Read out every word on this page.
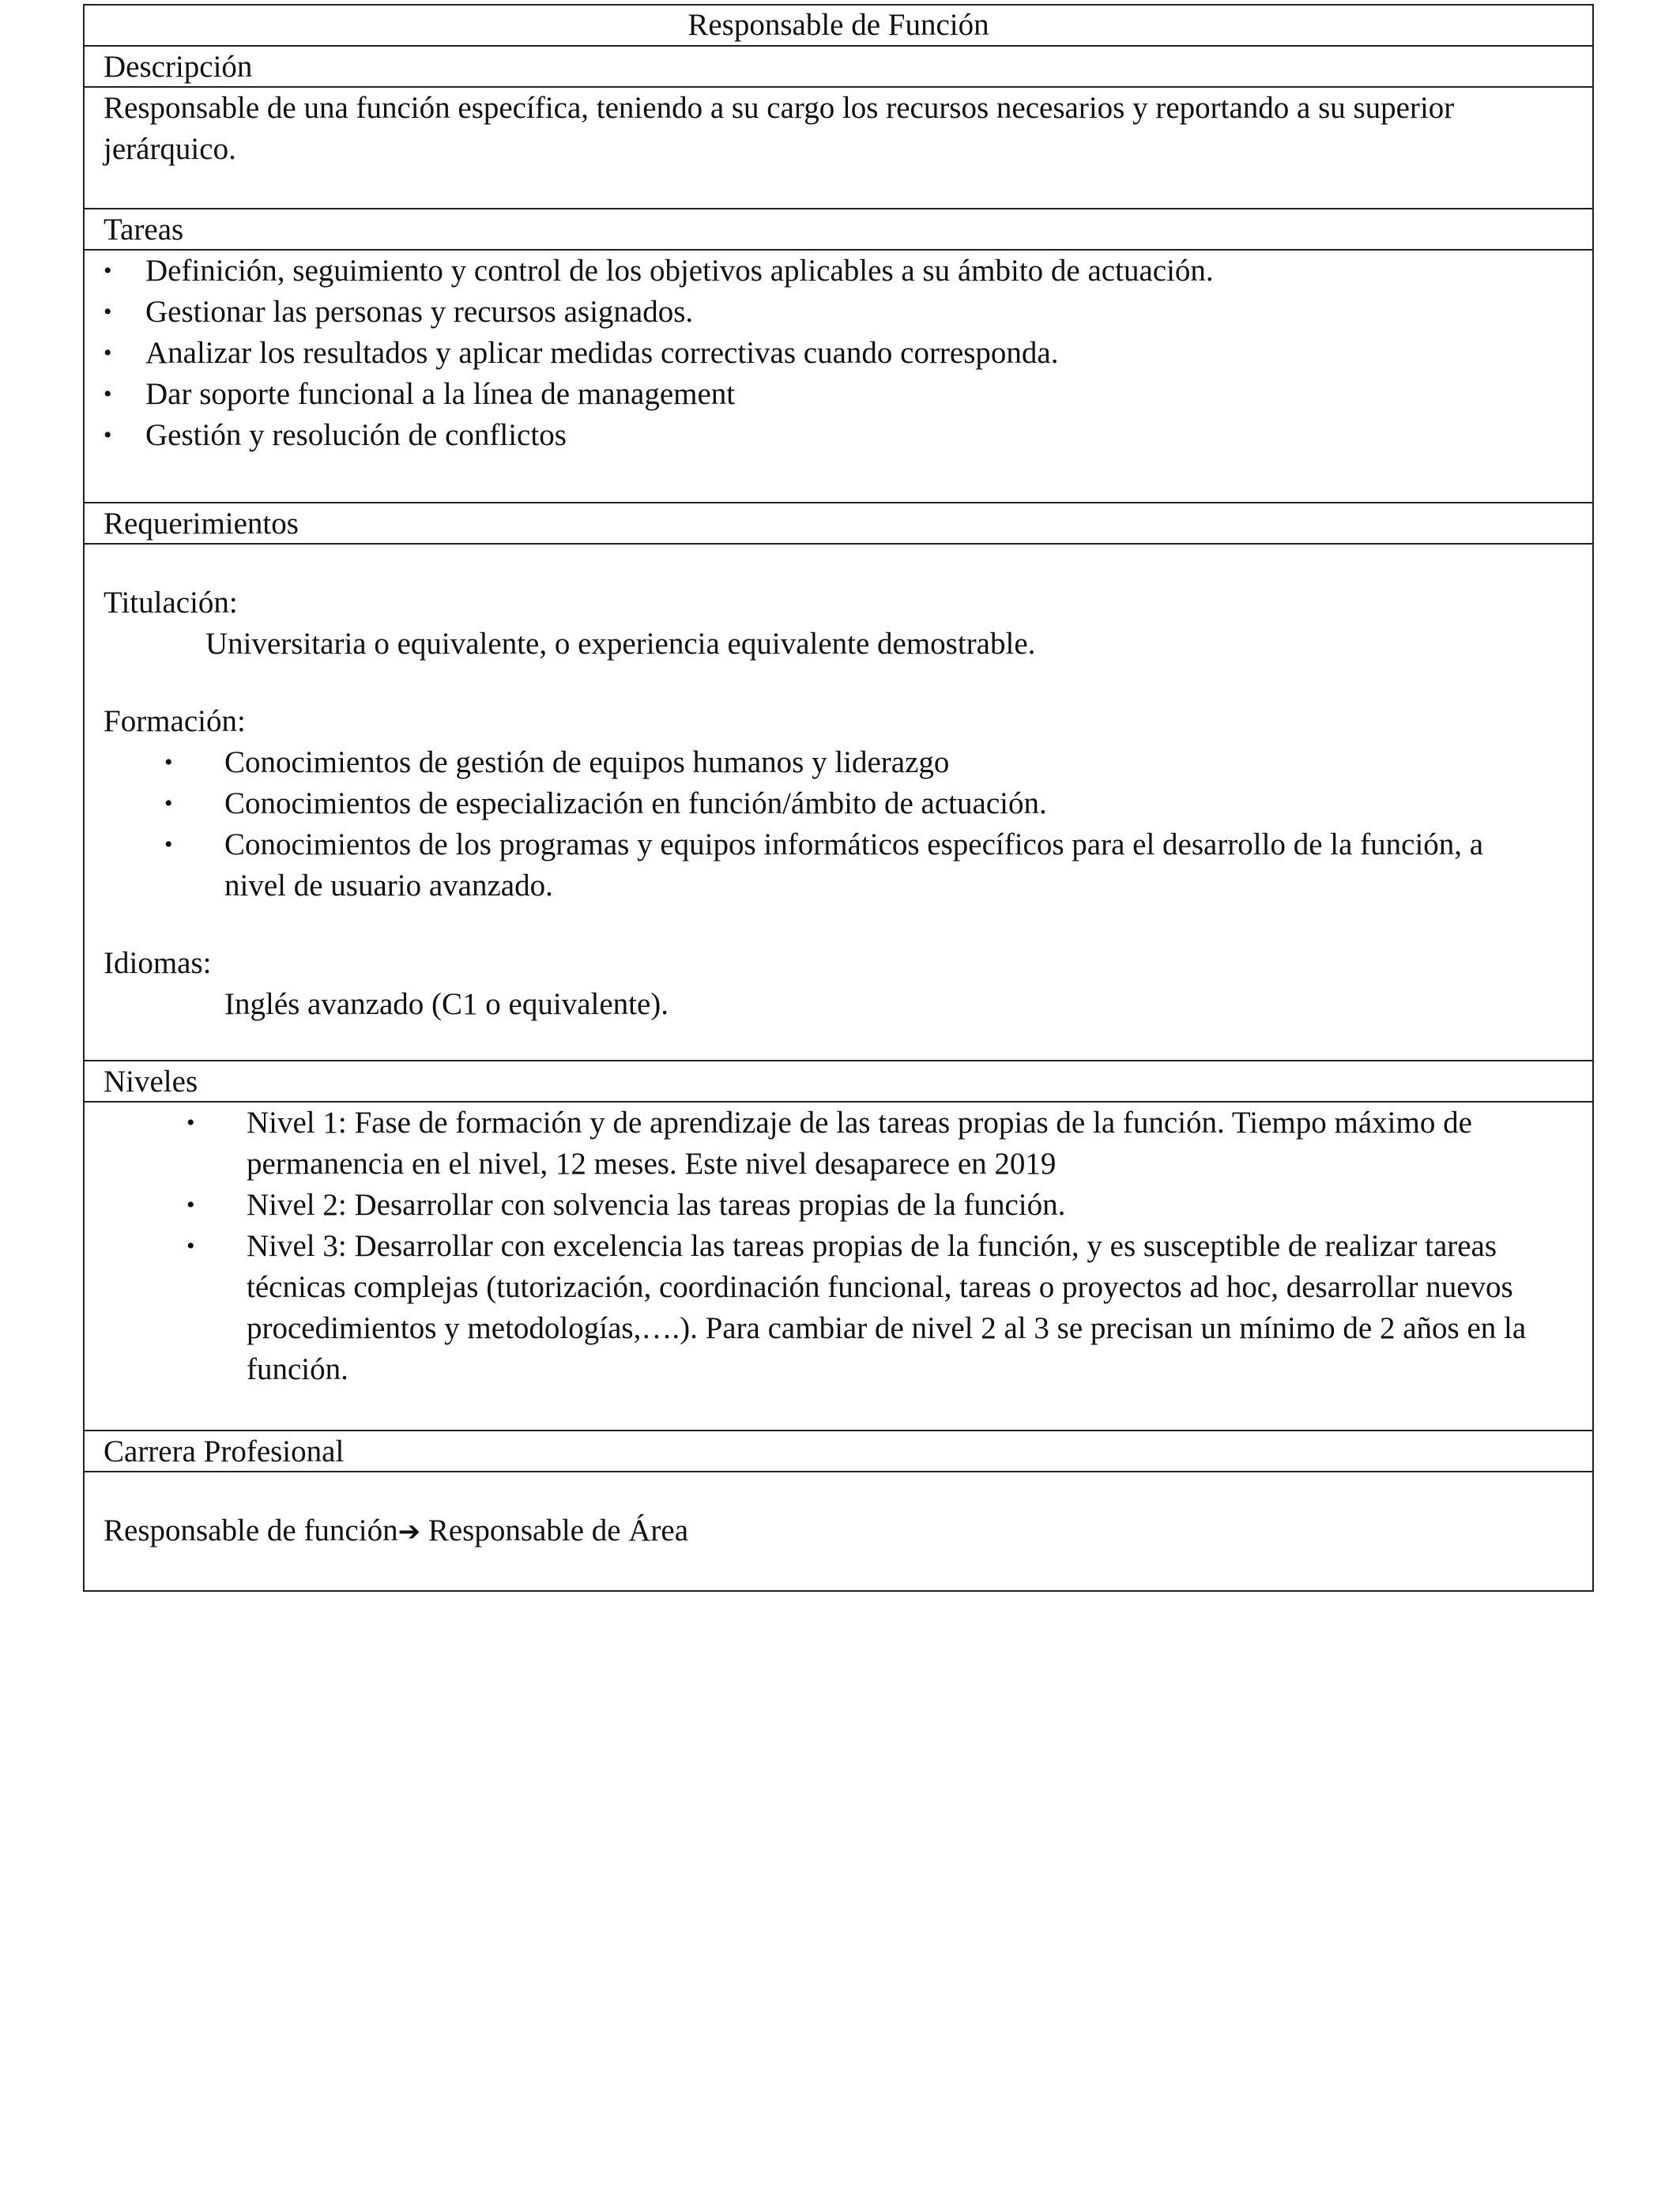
Responsable de Función
Descripción

Responsable de una función específica, teniendo a su cargo los recursos necesarios y reportando a su superior jerárquico.

Tareas
• Definición, seguimiento y control de los objetivos aplicables a su ámbito de actuación.
• Gestionar las personas y recursos asignados.
• Analizar los resultados y aplicar medidas correctivas cuando corresponda.
• Dar soporte funcional a la línea de management
• Gestión y resolución de conflictos
Requerimientos

Titulación:

Universitaria o equivalente, o experiencia equivalente demostrable.

Formación:

• Conocimientos de gestión de equipos humanos y liderazgo
• Conocimientos de especialización en función/ámbito de actuación.
• Conocimientos de los programas y equipos informáticos específicos para el desarrollo de la función, a nivel de usuario avanzado.

Idiomas:

Inglés avanzado (C1 o equivalente).

Niveles
• Nivel 1: Fase de formación y de aprendizaje de las tareas propias de la función. Tiempo máximo de permanencia en el nivel, 12 meses. Este nivel desaparece en 2019
• Nivel 2: Desarrollar con solvencia las tareas propias de la función.
• Nivel 3: Desarrollar con excelencia las tareas propias de la función, y es susceptible de realizar tareas técnicas complejas (tutorización, coordinación funcional, tareas o proyectos ad hoc, desarrollar nuevos procedimientos y metodologías,….). Para cambiar de nivel 2 al 3 se precisan un mínimo de 2 años en la función.
Carrera Profesional

Responsable de función➔ Responsable de Área
